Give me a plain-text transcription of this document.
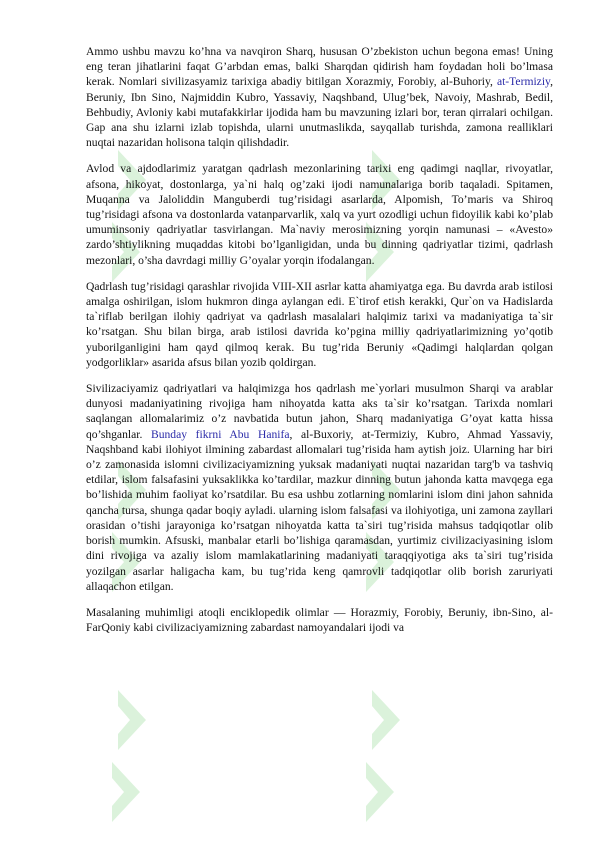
Ammo ushbu mavzu ko’hna va navqiron Sharq, hususan O’zbekiston uchun begona emas! Uning eng teran jihatlarini faqat G’arbdan emas, balki Sharqdan qidirish ham foydadan holi bo’lmasa kerak. Nomlari sivilizasyamiz tarixiga abadiy bitilgan Xorazmiy, Forobiy, al-Buhoriy, at-Termiziy, Beruniy, Ibn Sino, Najmiddin Kubro, Yassaviy, Naqshband, Ulug’bek, Navoiy, Mashrab, Bedil, Behbudiy, Avloniy kabi mutafakkirlar ijodida ham bu mavzuning izlari bor, teran qirralari ochilgan. Gap ana shu izlarni izlab topishda, ularni unutmaslikda, sayqallab turishda, zamona realliklari nuqtai nazaridan holisona talqin qilishdadir.

Avlod va ajdodlarimiz yaratgan qadrlash mezonlarining tarixi eng qadimgi naqllar, rivoyatlar, afsona, hikoyat, dostonlarga, ya`ni halq og’zaki ijodi namunalariga borib taqaladi. Spitamen, Muqanna va Jaloliddin Manguberdi tug’risidagi asarlarda, Alpomish, To’maris va Shiroq tug’risidagi afsona va dostonlarda vatanparvarlik, xalq va yurt ozodligi uchun fidoyilik kabi ko’plab umuminsoniy qadriyatlar tasvirlangan. Ma`naviy merosimizning yorqin namunasi – «Avesto» zardo’shtiylikning muqaddas kitobi bo’lganligidan, unda bu dinning qadriyatlar tizimi, qadrlash mezonlari, o’sha davrdagi milliy G’oyalar yorqin ifodalangan.

Qadrlash tug’risidagi qarashlar rivojida VIII-XII asrlar katta ahamiyatga ega. Bu davrda arab istilosi amalga oshirilgan, islom hukmron dinga aylangan edi. E`tirof etish kerakki, Qur`on va Hadislarda ta`riflab berilgan ilohiy qadriyat va qadrlash masalalari halqimiz tarixi va madaniyatiga ta`sir ko’rsatgan. Shu bilan birga, arab istilosi davrida ko’pgina milliy qadriyatlarimizning yo’qotib yuborilganligini ham qayd qilmoq kerak. Bu tug’rida Beruniy «Qadimgi halqlardan qolgan yodgorliklar» asarida afsus bilan yozib qoldirgan.

Sivilizaciyamiz qadriyatlari va halqimizga hos qadrlash me`yorlari musulmon Sharqi va arablar dunyosi madaniyatining rivojiga ham nihoyatda katta aks ta`sir ko’rsatgan. Tarixda nomlari saqlangan allomalarimiz o’z navbatida butun jahon, Sharq madaniyatiga G’oyat katta hissa qo’shganlar. Bunday fikrni Abu Hanifa, al-Buxoriy, at-Termiziy, Kubro, Ahmad Yassaviy, Naqshband kabi ilohiyot ilmining zabardast allomalari tug’risida ham aytish joiz. Ularning har biri o’z zamonasida islomni civilizaciyamizning yuksak madaniyati nuqtai nazaridan targ'b va tashviq etdilar, islom falsafasini yuksaklikka ko’tardilar, mazkur dinning butun jahonda katta mavqega ega bo’lishida muhim faoliyat ko’rsatdilar. Bu esa ushbu zotlarning nomlarini islom dini jahon sahnida qancha tursa, shunga qadar boqiy ayladi. ularning islom falsafasi va ilohiyotiga, uni zamona zayllari orasidan o’tishi jarayoniga ko’rsatgan nihoyatda katta ta`siri tug’risida mahsus tadqiqotlar olib borish mumkin. Afsuski, manbalar etarli bo’lishiga qaramasdan, yurtimiz civilizaciyasining islom dini rivojiga va azaliy islom mamlakatlarining madaniyati taraqqiyotiga aks ta`siri tug’risida yozilgan asarlar haligacha kam, bu tug’rida keng qamrovli tadqiqotlar olib borish zaruriyati allaqachon etilgan.

Masalaning muhimligi atoqli enciklopedik olimlar — Horazmiy, Forobiy, Beruniy, ibn-Sino, al-FarQoniy kabi civilizaciyamizning zabardast namoyandalari ijodi va
